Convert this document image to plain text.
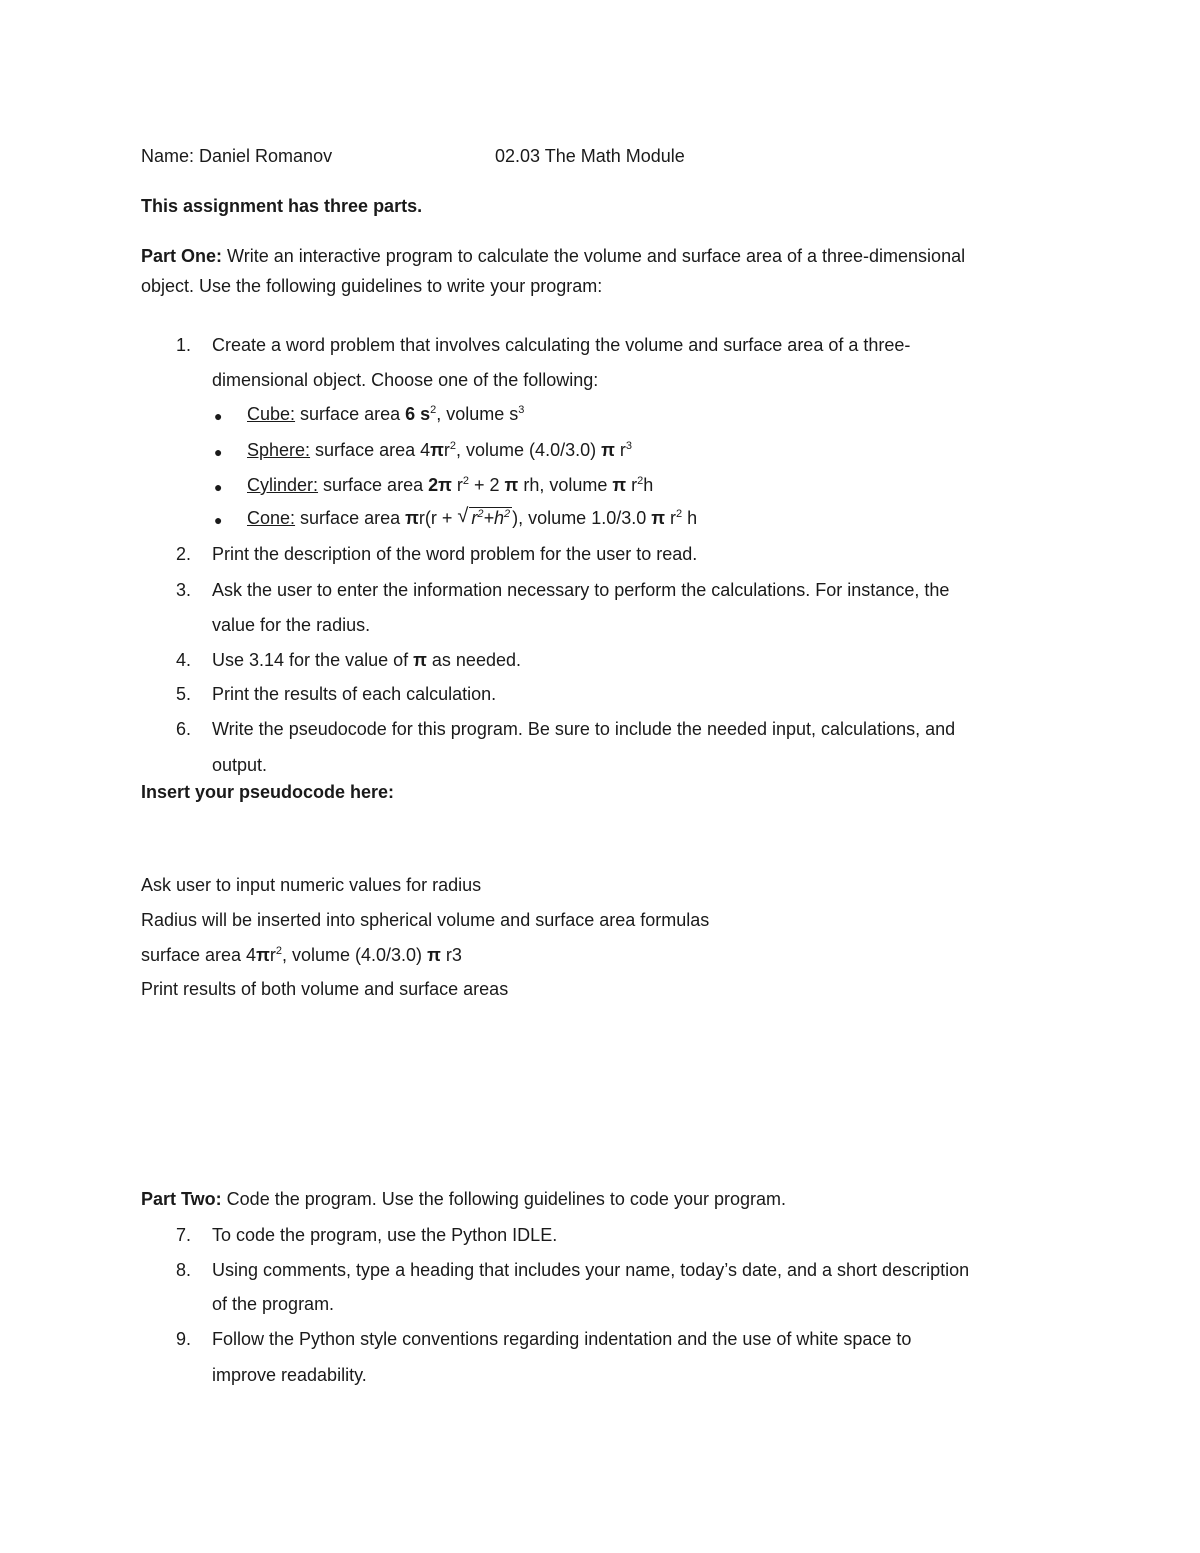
Name: Daniel Romanov	02.03 The Math Module
This assignment has three parts.
Part One: Write an interactive program to calculate the volume and surface area of a three-dimensional
object. Use the following guidelines to write your program:
1.	Create a word problem that involves calculating the volume and surface area of a three-
dimensional object. Choose one of the following:
● Cube: surface area 6 $s^2$, volume $s^3$
● Sphere: surface area $4\pi r^2$, volume (4.0/3.0) π $r^3$
● Cylinder: surface area 2π $r^2 + 2$ π rh, volume π $r^2h$
● Cone: surface area πr(r + √ $r^2+h^2$ ), volume 1.0/3.0 π $r^2$ h
2.	Print the description of the word problem for the user to read.
3.	Ask the user to enter the information necessary to perform the calculations. For instance, the
value for the radius.
4.	Use 3.14 for the value of π as needed.
5.	Print the results of each calculation.
6.	Write the pseudocode for this program. Be sure to include the needed input, calculations, and
output.
Insert your pseudocode here:
Ask user to input numeric values for radius
Radius will be inserted into spherical volume and surface area formulas
surface area $4\pi r^2$, volume (4.0/3.0) π r3
Print results of both volume and surface areas
Part Two: Code the program. Use the following guidelines to code your program.
7.	To code the program, use the Python IDLE.
8.	Using comments, type a heading that includes your name, today’s date, and a short description
of the program.
9.	Follow the Python style conventions regarding indentation and the use of white space to
improve readability.
